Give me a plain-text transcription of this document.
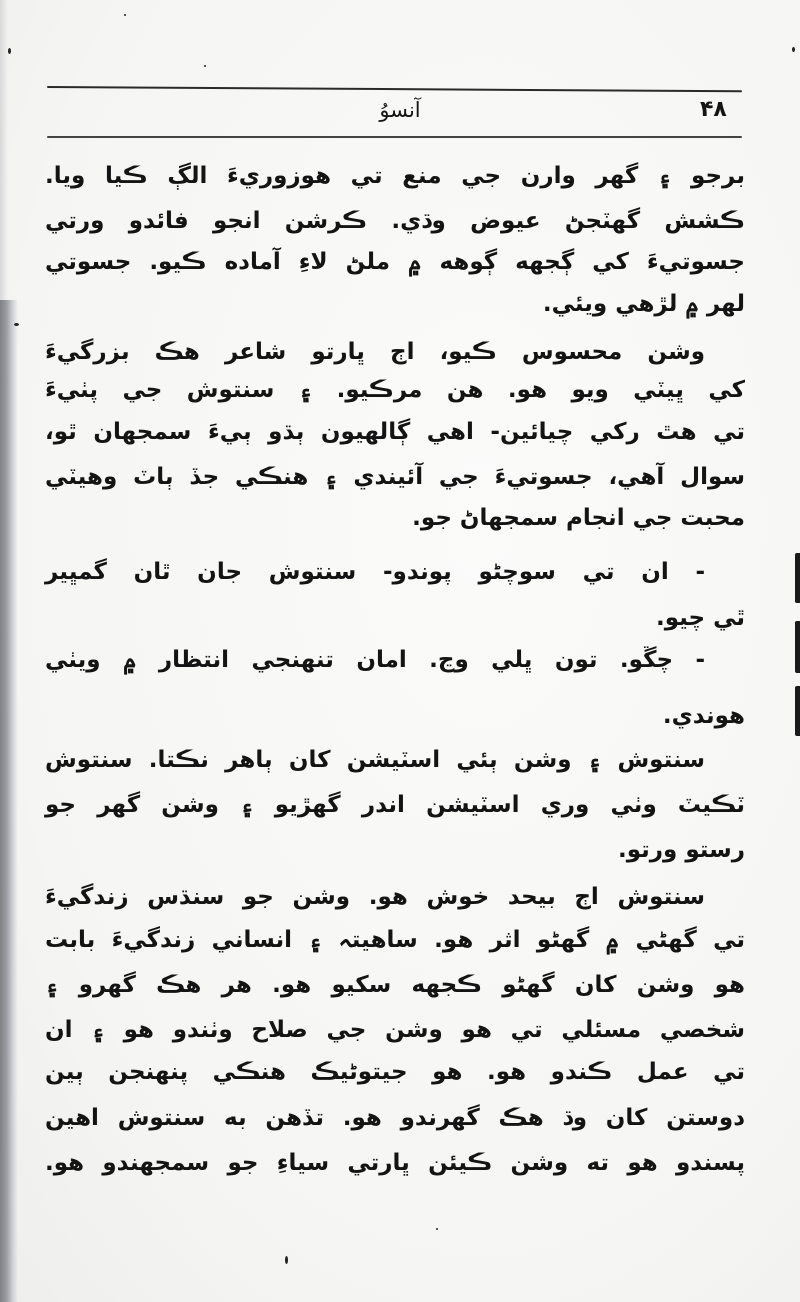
آنسوُ	۴۸
برجو ۽ گهر وارن جي منع تي هوزوريءَ الڳ ڪيا ويا.
ڪشش گهٽجڻ عيوض وڌي. ڪرشن انجو فائدو ورتي
جسوتيءَ کي ڳجهه ڳوهه ۾ ملڻ لاءِ آماده ڪيو. جسوتي
لهر ۾ لڙهي ويئي.
وشن محسوس ڪيو، اڄ ڀارتو شاعر هڪ بزرگيءَ
کي ڀيٽي ويو هو. هن مرڪيو. ۽ سنتوش جي پٺيءَ
تي هٿ رکي چيائين- اهي ڳالهيون ٻڌو ٻيءَ سمجهان ٿو،
سوال آهي، جسوتيءَ جي آئيندي ۽ هنڪي جڏ ٻاٽ وهيٽي
محبت جي انجام سمجهاڻ جو.
- ان تي سوچڻو پوندو- سنتوش جان ٿان گمڀير
ٿي چيو.
- چڱو. تون ڀلي وڃ. امان تنهنجي انتظار ۾ ويٺي
هوندي.
سنتوش ۽ وشن ٻئي اسٽيشن کان ٻاهر نڪتا. سنتوش
ٽڪيٽ وٺي وري اسٽيشن اندر گهڙيو ۽ وشن گهر جو
رستو ورتو.
سنتوش اڄ بيحد خوش هو. وشن جو سنڌس زندگيءَ
تي گهڻي ۾ گهڻو اثر هو. ساهيتہ ۽ انساني زندگيءَ بابت
هو وشن کان گهڻو ڪجهه سکيو هو. هر هڪ گهرو ۽
شخصي مسئلي تي هو وشن جي صلاح وٺندو هو ۽ ان
تي عمل ڪندو هو. هو جيتوڻيڪ هنڪي پنهنجن ٻين
دوستن کان وڌ هڪ گهرندو هو. تڏهن به سنتوش اهين
پسندو هو ته وشن ڪيئن ڀارتي سياءِ جو سمجهندو هو.
